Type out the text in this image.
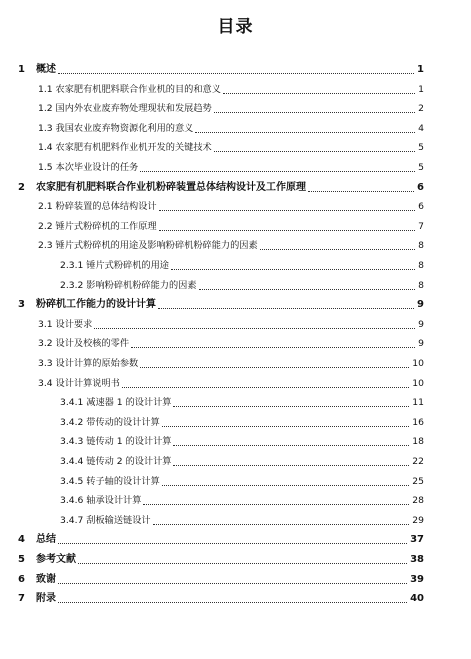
目录
1 概述	1
1.1 农家肥有机肥料联合作业机的目的和意义	1
1.2 国内外农业废弃物处理现状和发展趋势	2
1.3 我国农业废弃物资源化利用的意义	4
1.4 农家肥有机肥料作业机开发的关键技术	5
1.5 本次毕业设计的任务	5
2 农家肥有机肥料联合作业机粉碎装置总体结构设计及工作原理	6
2.1 粉碎装置的总体结构设计	6
2.2 锤片式粉碎机的工作原理	7
2.3 锤片式粉碎机的用途及影响粉碎机粉碎能力的因素	8
2.3.1 锤片式粉碎机的用途	8
2.3.2 影响粉碎机粉碎能力的因素	8
3 粉碎机工作能力的设计计算	9
3.1 设计要求	9
3.2 设计及校核的零件	9
3.3 设计计算的原始参数	10
3.4 设计计算说明书	10
3.4.1 减速器 1 的设计计算	11
3.4.2 带传动的设计计算	16
3.4.3 链传动 1 的设计计算	18
3.4.4 链传动 2 的设计计算	22
3.4.5 转子轴的设计计算	25
3.4.6 轴承设计计算	28
3.4.7 刮板输送链设计	29
4 总结	37
5 参考文献	38
6 致谢	39
7 附录	40
